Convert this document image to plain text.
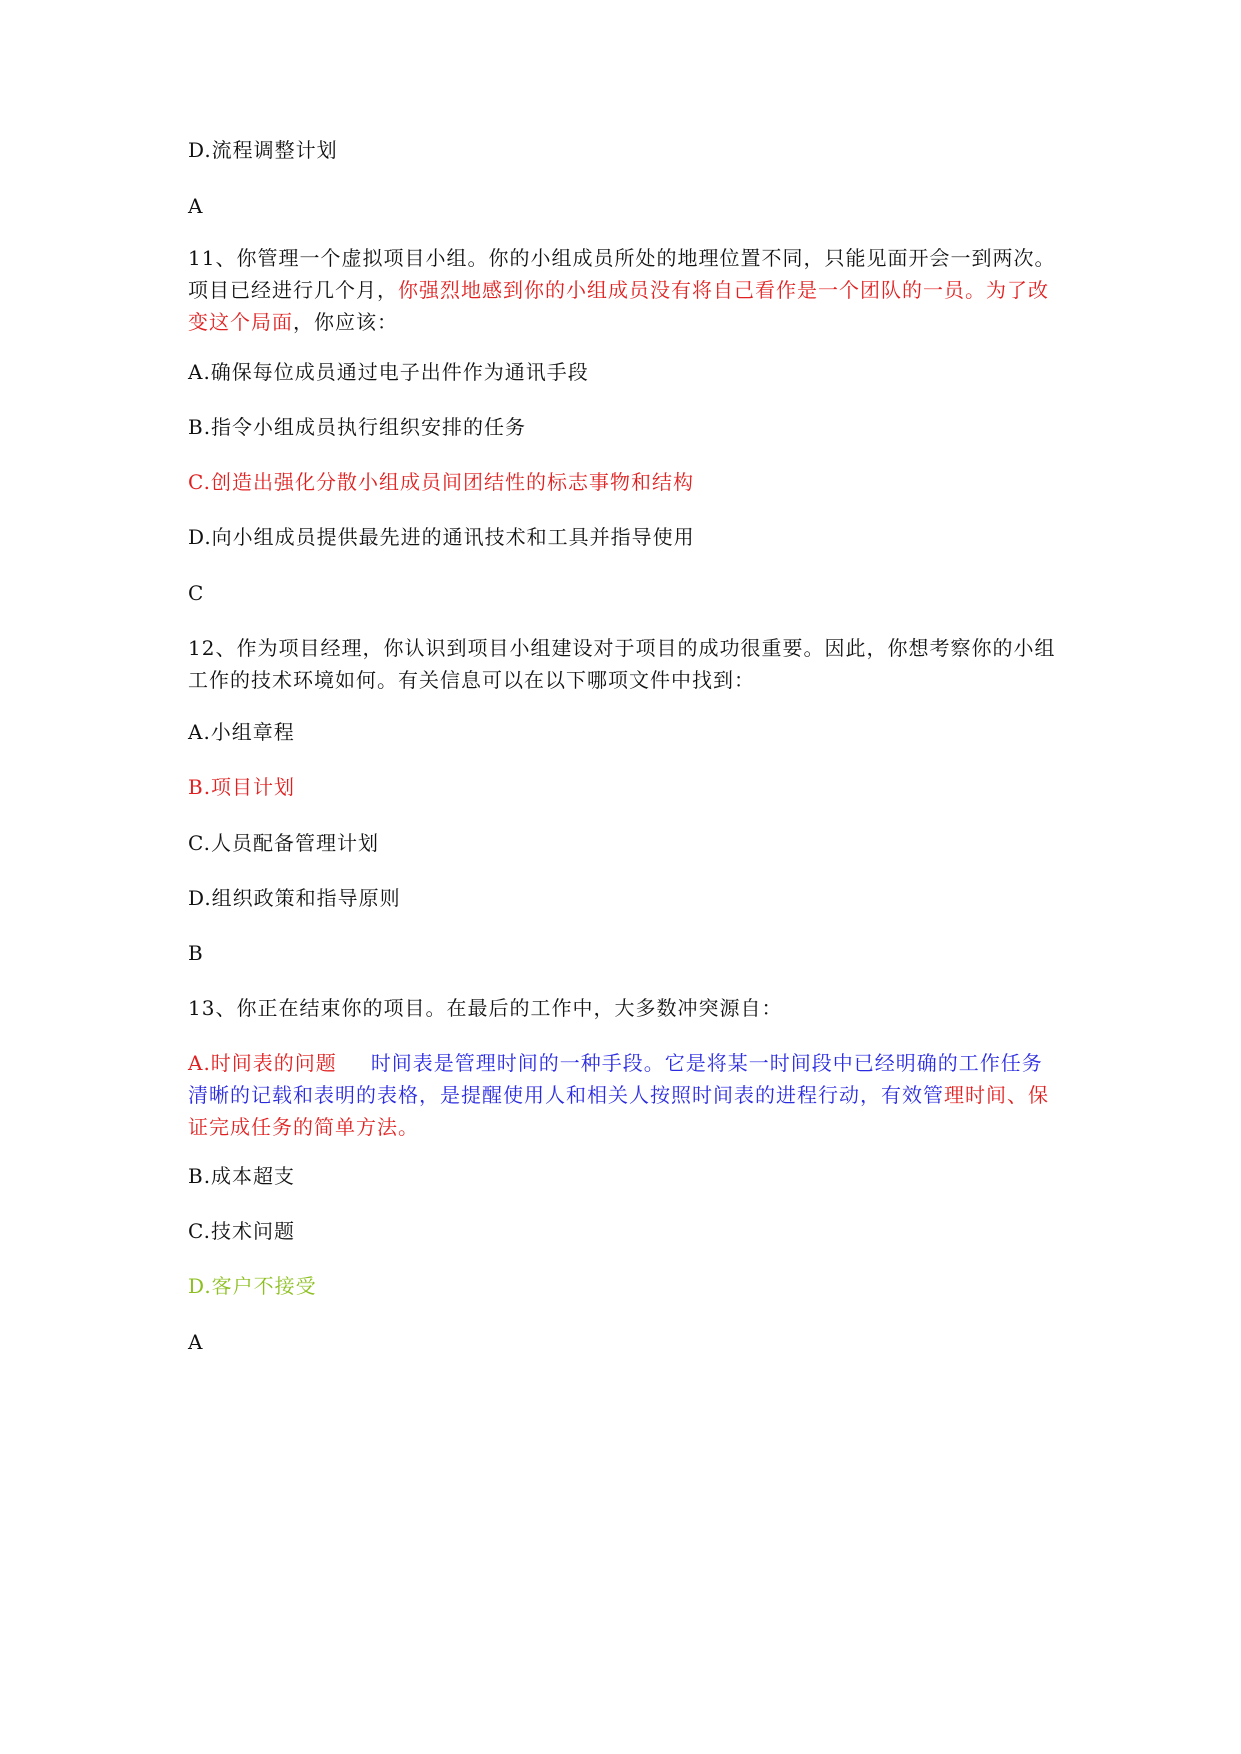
D.流程调整计划
A
11、你管理一个虚拟项目小组。你的小组成员所处的地理位置不同，只能见面开会一到两次。项目已经进行几个月，你强烈地感到你的小组成员没有将自己看作是一个团队的一员。为了改变这个局面，你应该：
A.确保每位成员通过电子出件作为通讯手段
B.指令小组成员执行组织安排的任务
C.创造出强化分散小组成员间团结性的标志事物和结构
D.向小组成员提供最先进的通讯技术和工具并指导使用
C
12、作为项目经理，你认识到项目小组建设对于项目的成功很重要。因此，你想考察你的小组工作的技术环境如何。有关信息可以在以下哪项文件中找到：
A.小组章程
B.项目计划
C.人员配备管理计划
D.组织政策和指导原则
B
13、你正在结束你的项目。在最后的工作中，大多数冲突源自：
A.时间表的问题 时间表是管理时间的一种手段。它是将某一时间段中已经明确的工作任务清晰的记载和表明的表格，是提醒使用人和相关人按照时间表的进程行动，有效管理时间、保证完成任务的简单方法。
B.成本超支
C.技术问题
D.客户不接受
A
